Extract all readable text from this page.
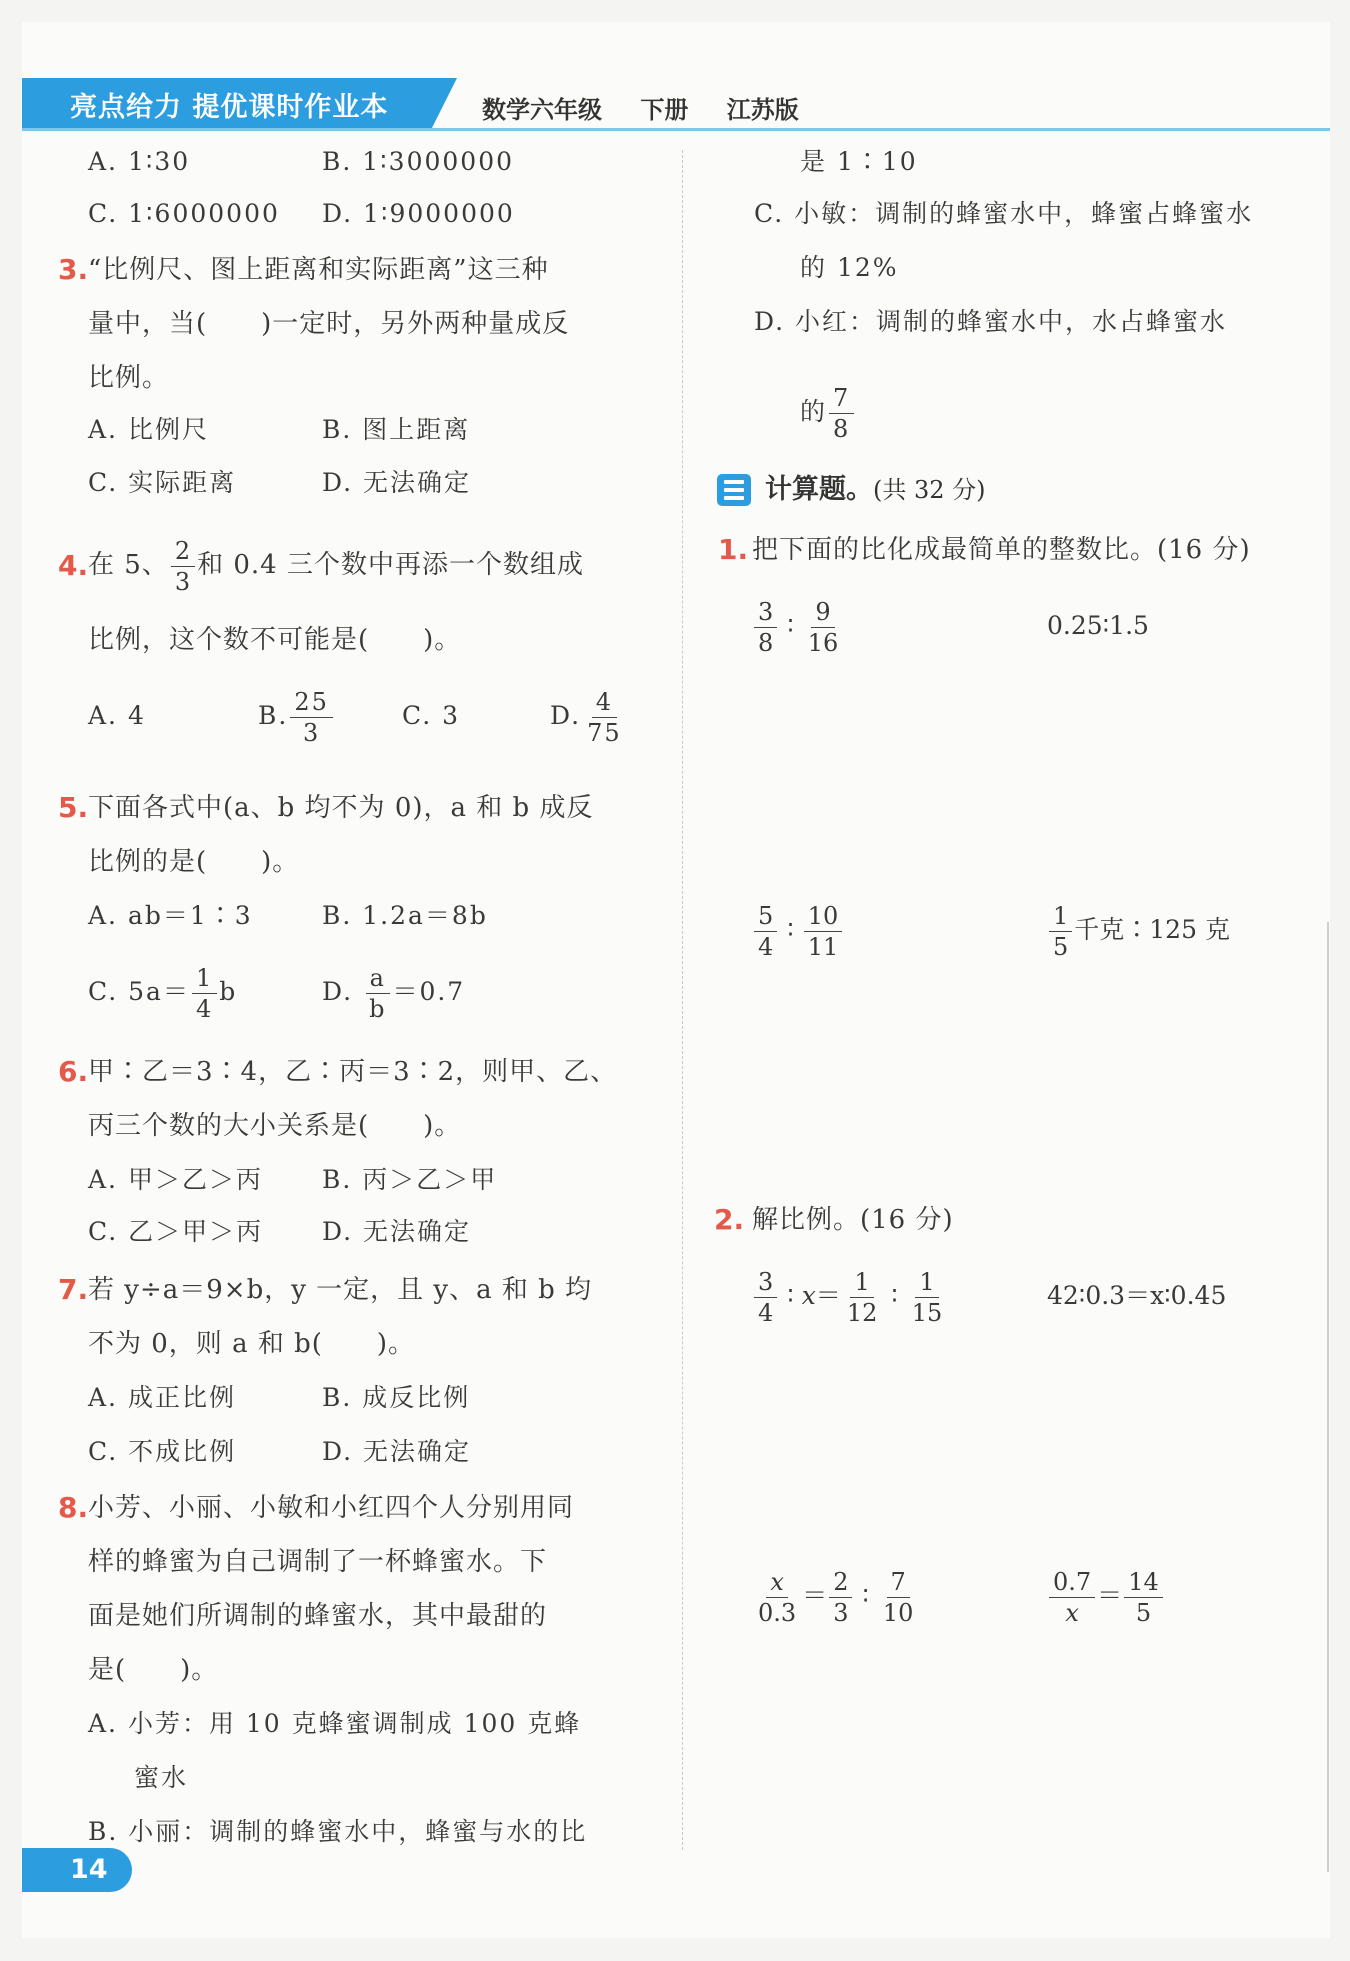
亮点给力 提优课时作业本	数学六年级 下册 江苏版
A. 1∶30	B. 1∶3000000
C. 1∶6000000 D. 1∶9000000
3. “比例尺、图上距离和实际距离”这三种
量中，当(　　)一定时，另外两种量成反
比例。
A. 比例尺	B. 图上距离
C. 实际距离	D. 无法确定
4. 在 5、 $\frac{2}{3}$ 和 0.4 三个数中再添一个数组成
比例，这个数不可能是(　　)。
A. 4	B. $\frac{25}{3}$	C. 3	D. $\frac{4}{75}$
5. 下面各式中(a、b 均不为 0)，a 和 b 成反
比例的是(　　)。
A. ab＝1∶3	B. 1.2a＝8b
C. $5a= \frac{1}{4}$ b	D. $\frac{a}{b} =0.7$
6. 甲∶乙＝3∶4，乙∶丙＝3∶2，则甲、乙、
丙三个数的大小关系是(　　)。
A. 甲＞乙＞丙 B. 丙＞乙＞甲
C. 乙＞甲＞丙 D. 无法确定
7. 若 y÷a＝9×b，y 一定，且 y、a 和 b 均
不为 0，则 a 和 b(　　)。
A. 成正比例	B. 成反比例
C. 不成比例	D. 无法确定
8. 小芳、小丽、小敏和小红四个人分别用同
样的蜂蜜为自己调制了一杯蜂蜜水。下
面是她们所调制的蜂蜜水，其中最甜的
是(　　)。
A. 小芳：用 10 克蜂蜜调制成 100 克蜂
蜜水
B. 小丽：调制的蜂蜜水中，蜂蜜与水的比
是 1∶10
C. 小敏：调制的蜂蜜水中，蜂蜜占蜂蜜水
的 12%
D. 小红：调制的蜂蜜水中，水占蜂蜜水
的 $\frac{7}{8}$
计算题。(共 32 分)
1. 把下面的比化成最简单的整数比。(16 分)
$\frac{3}{8}$ ∶ $\frac{9}{16}$	0.25∶1.5
$\frac{5}{4}$ ∶ $\frac{10}{11}$	$\frac{1}{5}$ 千克∶125 克
2. 解比例。(16 分)
$\frac{3}{4}$ ∶ $x= \frac{1}{12}$ ∶ $\frac{1}{15}$	42∶0.3＝x∶0.45
$\frac{x}{0.3} = \frac{2}{3}$ ∶ $\frac{7}{10}$	$\frac{0.7}{x} = \frac{14}{5}$
14
